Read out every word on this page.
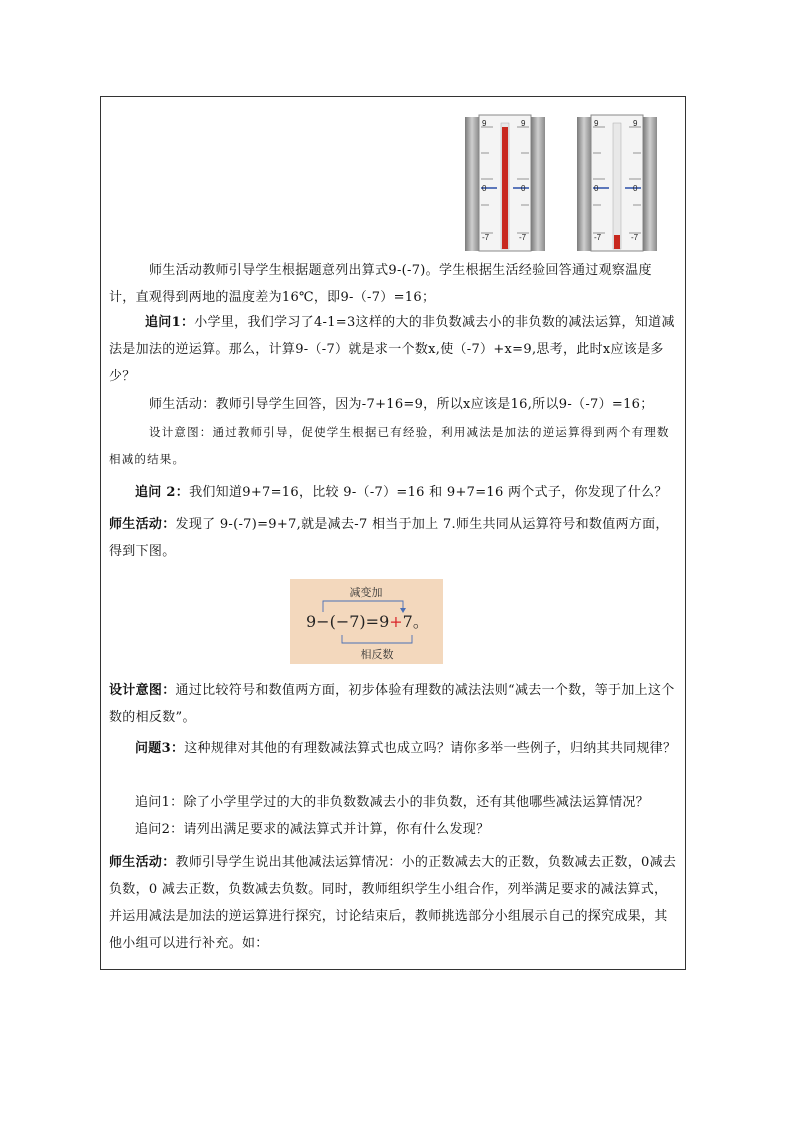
9	9
0	0
-7	-7
9	9
0	0
-7	-7
师生活动教师引导学生根据题意列出算式9-(-7)。学生根据生活经验回答通过观察温度计，直观得到两地的温度差为16℃，即9-（-7）=16；
追问1：小学里，我们学习了4-1=3这样的大的非负数减去小的非负数的减法运算，知道减法是加法的逆运算。那么，计算9-（-7）就是求一个数x,使（-7）+x=9,思考，此时x应该是多少？
师生活动：教师引导学生回答，因为-7+16=9，所以x应该是16,所以9-（-7）=16；
设计意图：通过教师引导，促使学生根据已有经验，利用减法是加法的逆运算得到两个有理数相减的结果。
追问 2：我们知道9+7=16，比较 9-（-7）=16 和 9+7=16 两个式子，你发现了什么？
师生活动：发现了 9-(-7)=9+7,就是减去-7 相当于加上 7.师生共同从运算符号和数值两方面，得到下图。
减变加
9−(−7)=9+7。
相反数
设计意图：通过比较符号和数值两方面，初步体验有理数的减法法则“减去一个数，等于加上这个数的相反数”。
问题3：这种规律对其他的有理数减法算式也成立吗？请你多举一些例子，归纳其共同规律？
追问1：除了小学里学过的大的非负数数减去小的非负数，还有其他哪些减法运算情况？
追问2：请列出满足要求的减法算式并计算，你有什么发现？
师生活动：教师引导学生说出其他减法运算情况：小的正数减去大的正数，负数减去正数，0减去负数，0 减去正数，负数减去负数。同时，教师组织学生小组合作，列举满足要求的减法算式，并运用减法是加法的逆运算进行探究，讨论结束后，教师挑选部分小组展示自己的探究成果，其他小组可以进行补充。如：
